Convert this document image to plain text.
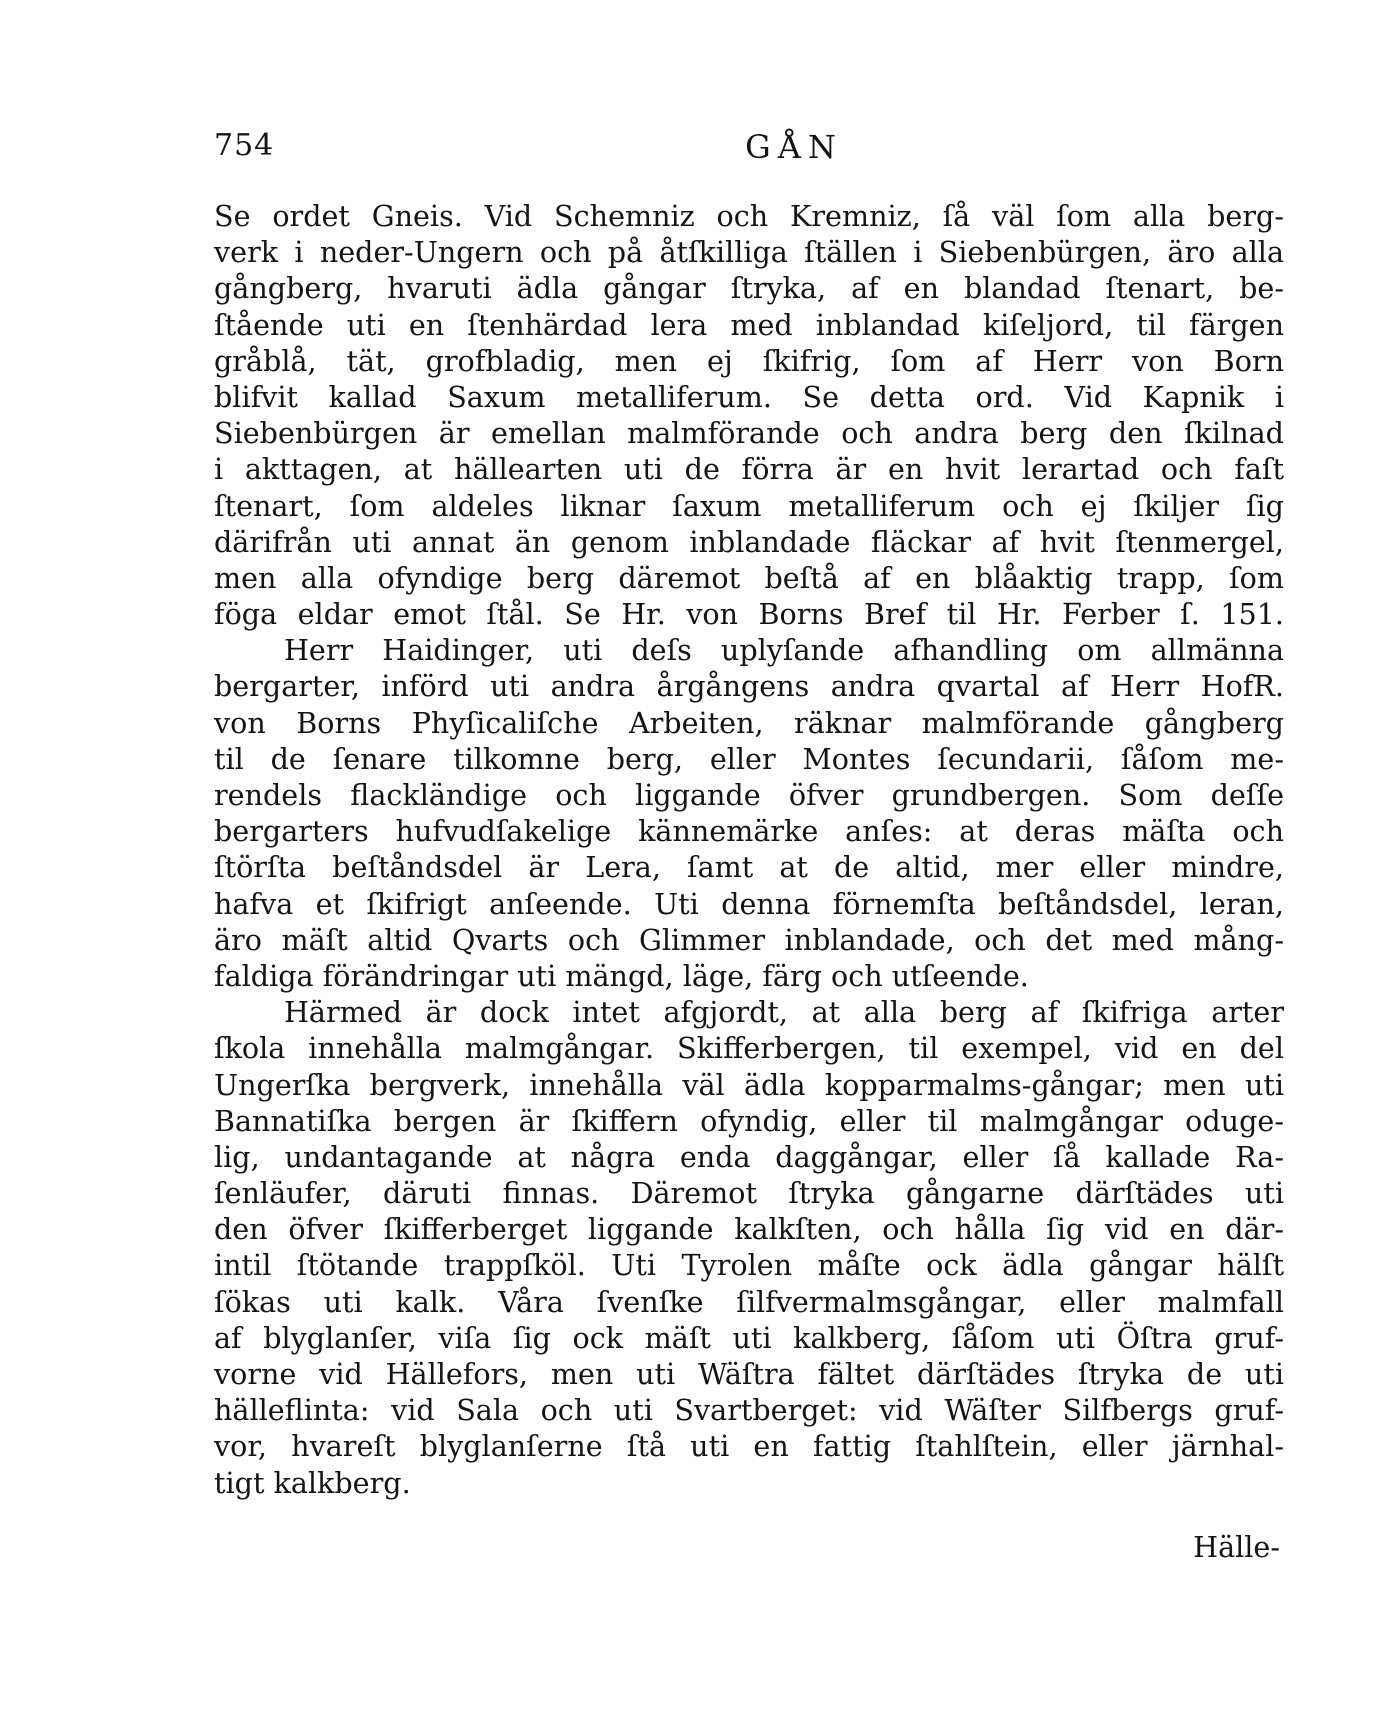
754	GÅN
Se ordet Gneis. Vid Schemniz och Kremniz, ſå väl ſom alla berg-
verk i neder-Ungern och på åtſkilliga ſtällen i Siebenbürgen, äro alla
gångberg, hvaruti ädla gångar ſtryka, af en blandad ſtenart, be-
ſtående uti en ſtenhärdad lera med inblandad kiſeljord, til färgen
gråblå, tät, grofbladig, men ej ſkifrig, ſom af Herr von Born
blifvit kallad Saxum metalliferum. Se detta ord. Vid Kapnik i
Siebenbürgen är emellan malmförande och andra berg den ſkilnad
i akttagen, at hällearten uti de förra är en hvit lerartad och faſt
ſtenart, ſom aldeles liknar ſaxum metalliferum och ej ſkiljer ſig
därifrån uti annat än genom inblandade fläckar af hvit ſtenmergel,
men alla ofyndige berg däremot beſtå af en blåaktig trapp, ſom
föga eldar emot ſtål. Se Hr. von Borns Bref til Hr. Ferber ſ. 151.
Herr Haidinger, uti deſs uplyſande afhandling om allmänna
bergarter, införd uti andra årgångens andra qvartal af Herr HofR.
von Borns Phyſicaliſche Arbeiten, räknar malmförande gångberg
til de ſenare tilkomne berg, eller Montes ſecundarii, ſåſom me-
rendels flackländige och liggande öfver grundbergen. Som deſſe
bergarters hufvudſakelige kännemärke anſes: at deras mäſta och
ſtörſta beſtåndsdel är Lera, ſamt at de altid, mer eller mindre,
hafva et ſkifrigt anſeende. Uti denna förnemſta beſtåndsdel, leran,
äro mäſt altid Qvarts och Glimmer inblandade, och det med mång-
faldiga förändringar uti mängd, läge, färg och utſeende.
Härmed är dock intet afgjordt, at alla berg af ſkifriga arter
ſkola innehålla malmgångar. Skifferbergen, til exempel, vid en del
Ungerſka bergverk, innehålla väl ädla kopparmalms-gångar; men uti
Bannatiſka bergen är ſkiffern ofyndig, eller til malmgångar oduge-
lig, undantagande at några enda daggångar, eller ſå kallade Ra-
ſenläufer, däruti finnas. Däremot ſtryka gångarne därſtädes uti
den öfver ſkifferberget liggande kalkſten, och hålla ſig vid en där-
intil ſtötande trappſköl. Uti Tyrolen måſte ock ädla gångar hälſt
ſökas uti kalk. Våra ſvenſke ſilfvermalmsgångar, eller malmfall
af blyglanſer, viſa ſig ock mäſt uti kalkberg, ſåſom uti Öſtra gruf-
vorne vid Hällefors, men uti Wäſtra fältet därſtädes ſtryka de uti
hälleflinta: vid Sala och uti Svartberget: vid Wäſter Silfbergs gruf-
vor, hvareſt blyglanſerne ſtå uti en fattig ſtahlſtein, eller järnhal-
tigt kalkberg.
Hälle-
